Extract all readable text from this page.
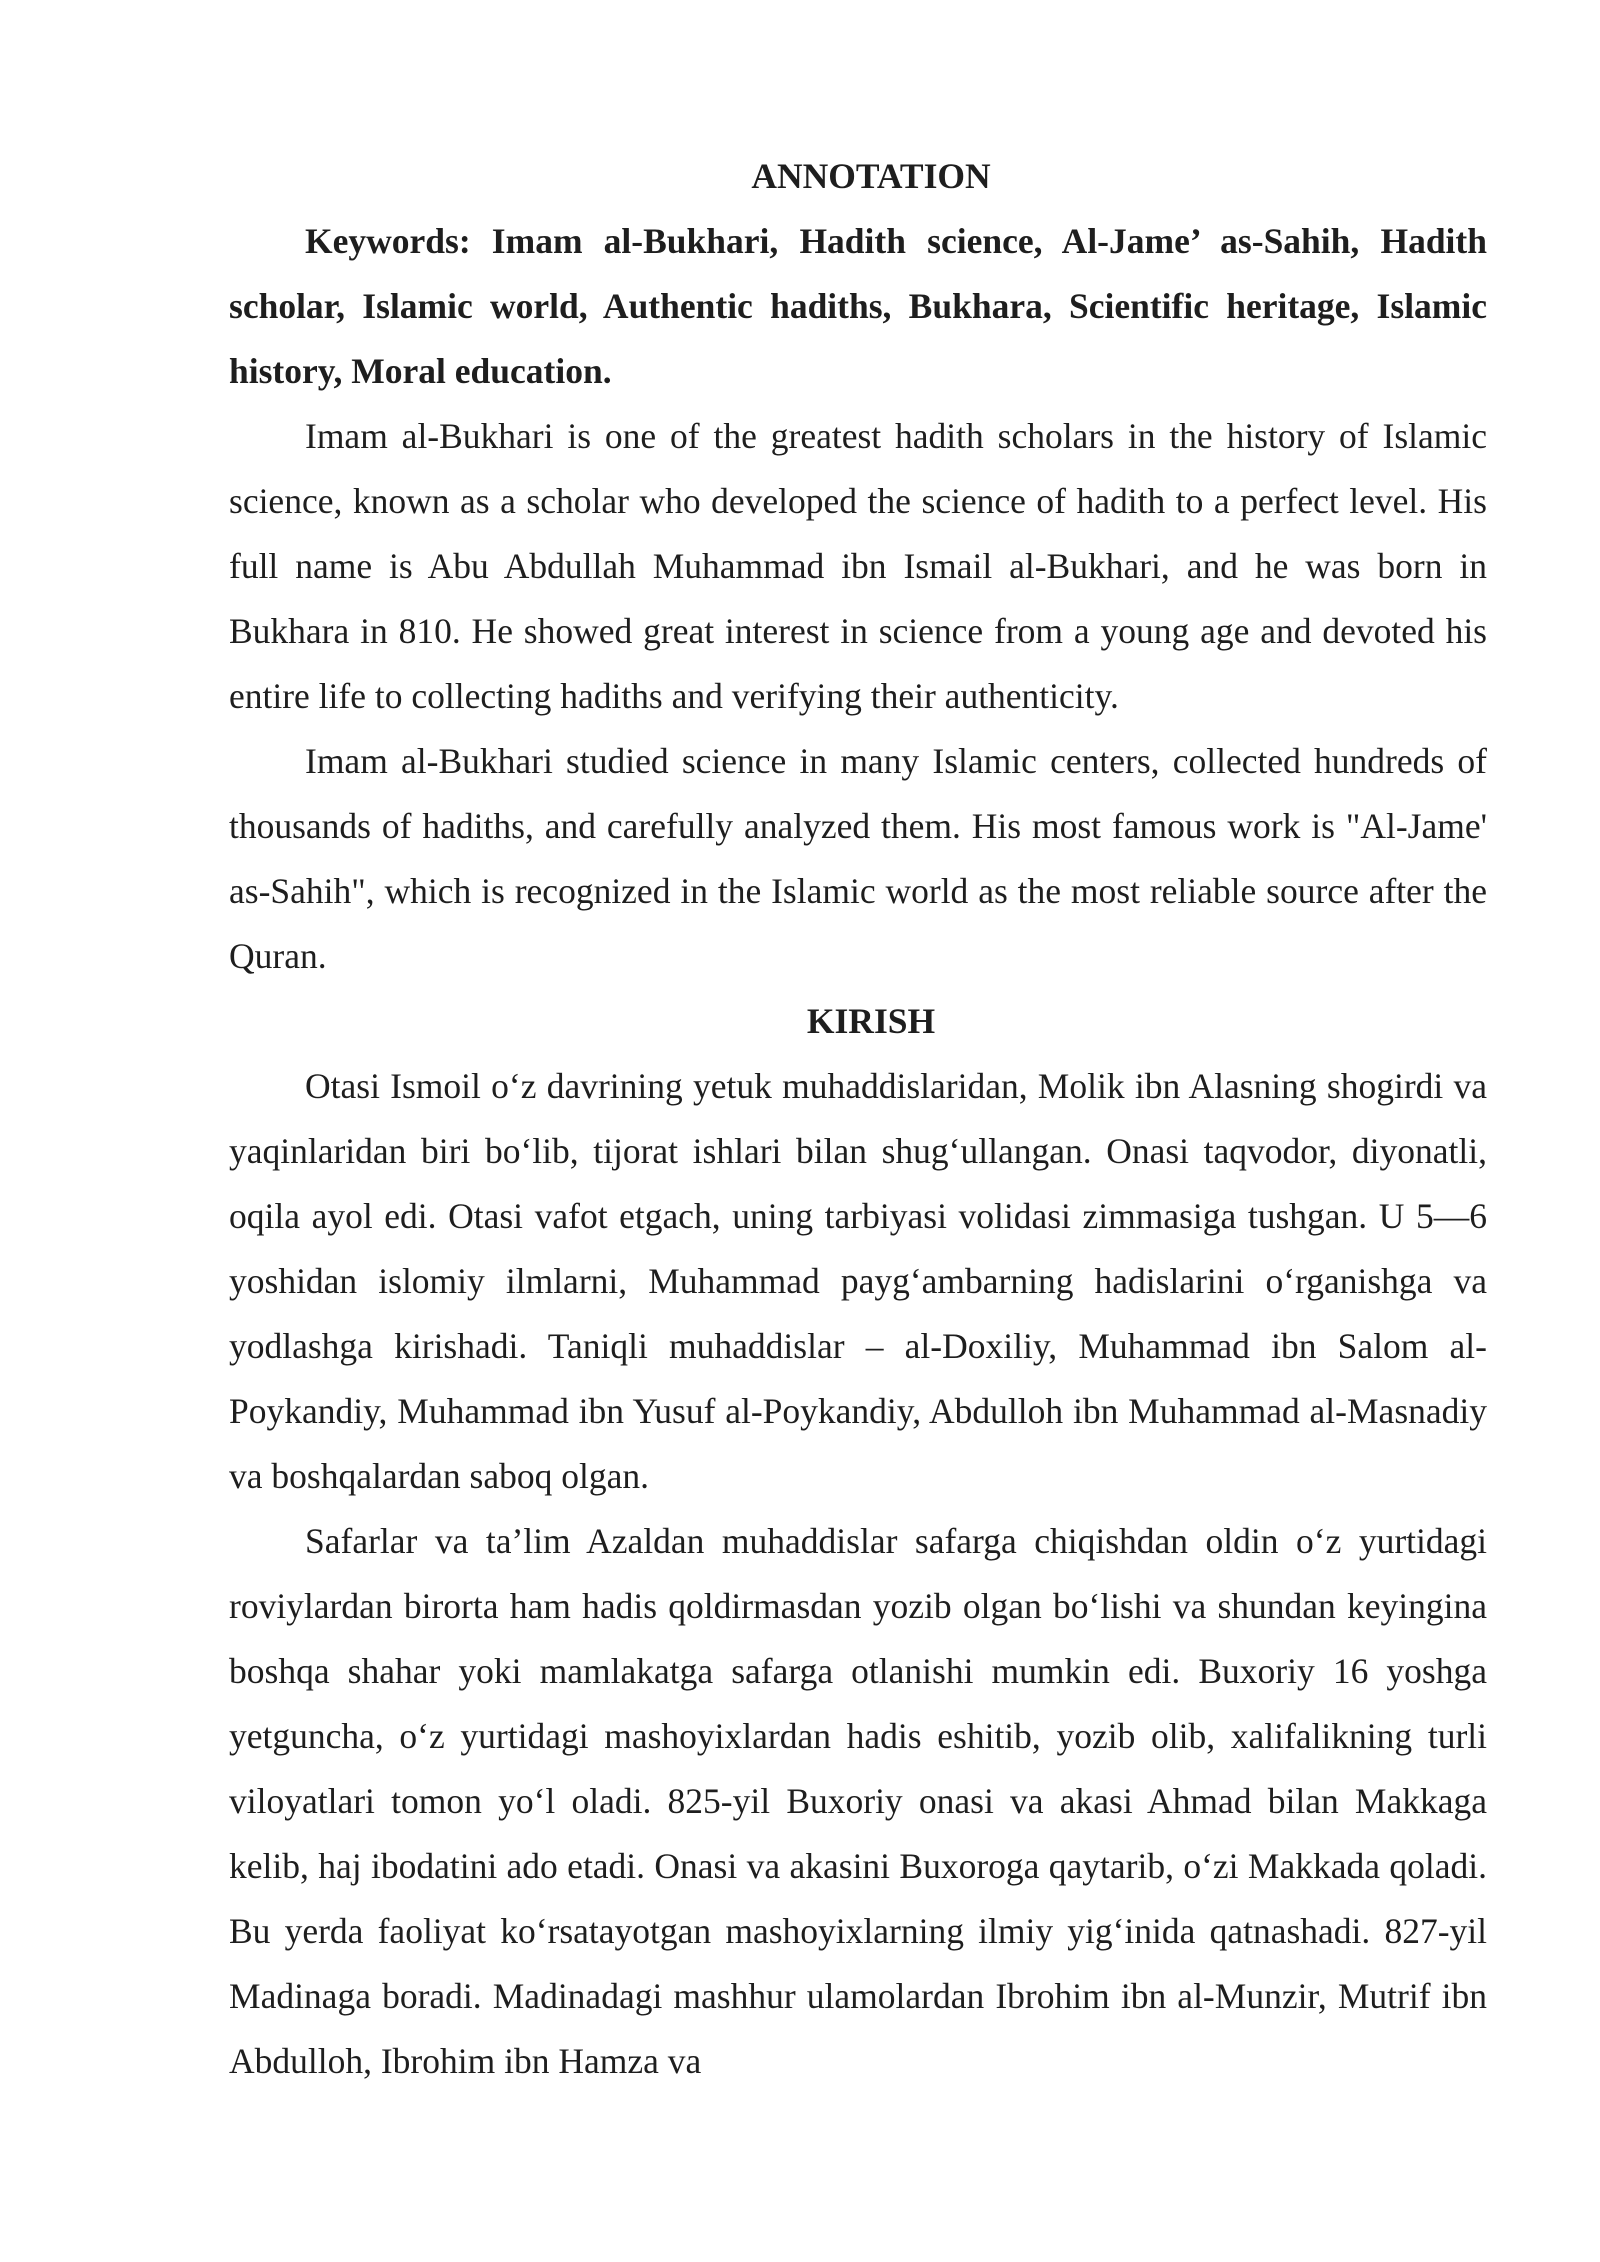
ANNOTATION

Keywords: Imam al-Bukhari, Hadith science, Al-Jame’ as-Sahih, Hadith scholar, Islamic world, Authentic hadiths, Bukhara, Scientific heritage, Islamic history, Moral education.

Imam al-Bukhari is one of the greatest hadith scholars in the history of Islamic science, known as a scholar who developed the science of hadith to a perfect level. His full name is Abu Abdullah Muhammad ibn Ismail al-Bukhari, and he was born in Bukhara in 810. He showed great interest in science from a young age and devoted his entire life to collecting hadiths and verifying their authenticity.

Imam al-Bukhari studied science in many Islamic centers, collected hundreds of thousands of hadiths, and carefully analyzed them. His most famous work is "Al-Jame' as-Sahih", which is recognized in the Islamic world as the most reliable source after the Quran.

KIRISH

Otasi Ismoil o‘z davrining yetuk muhaddislaridan, Molik ibn Alasning shogirdi va yaqinlaridan biri bo‘lib, tijorat ishlari bilan shug‘ullangan. Onasi taqvodor, diyonatli, oqila ayol edi. Otasi vafot etgach, uning tarbiyasi volidasi zimmasiga tushgan. U 5—6 yoshidan islomiy ilmlarni, Muhammad payg‘ambarning hadislarini o‘rganishga va yodlashga kirishadi. Taniqli muhaddislar – al-Doxiliy, Muhammad ibn Salom al-Poykandiy, Muhammad ibn Yusuf al-Poykandiy, Abdulloh ibn Muhammad al-Masnadiy va boshqalardan saboq olgan.

Safarlar va ta’lim Azaldan muhaddislar safarga chiqishdan oldin o‘z yurtidagi roviylardan birorta ham hadis qoldirmasdan yozib olgan bo‘lishi va shundan keyingina boshqa shahar yoki mamlakatga safarga otlanishi mumkin edi. Buxoriy 16 yoshga yetguncha, o‘z yurtidagi mashoyixlardan hadis eshitib, yozib olib, xalifalikning turli viloyatlari tomon yo‘l oladi. 825-yil Buxoriy onasi va akasi Ahmad bilan Makkaga kelib, haj ibodatini ado etadi. Onasi va akasini Buxoroga qaytarib, o‘zi Makkada qoladi. Bu yerda faoliyat ko‘rsatayotgan mashoyixlarning ilmiy yig‘inida qatnashadi. 827-yil Madinaga boradi. Madinadagi mashhur ulamolardan Ibrohim ibn al-Munzir, Mutrif ibn Abdulloh, Ibrohim ibn Hamza va
